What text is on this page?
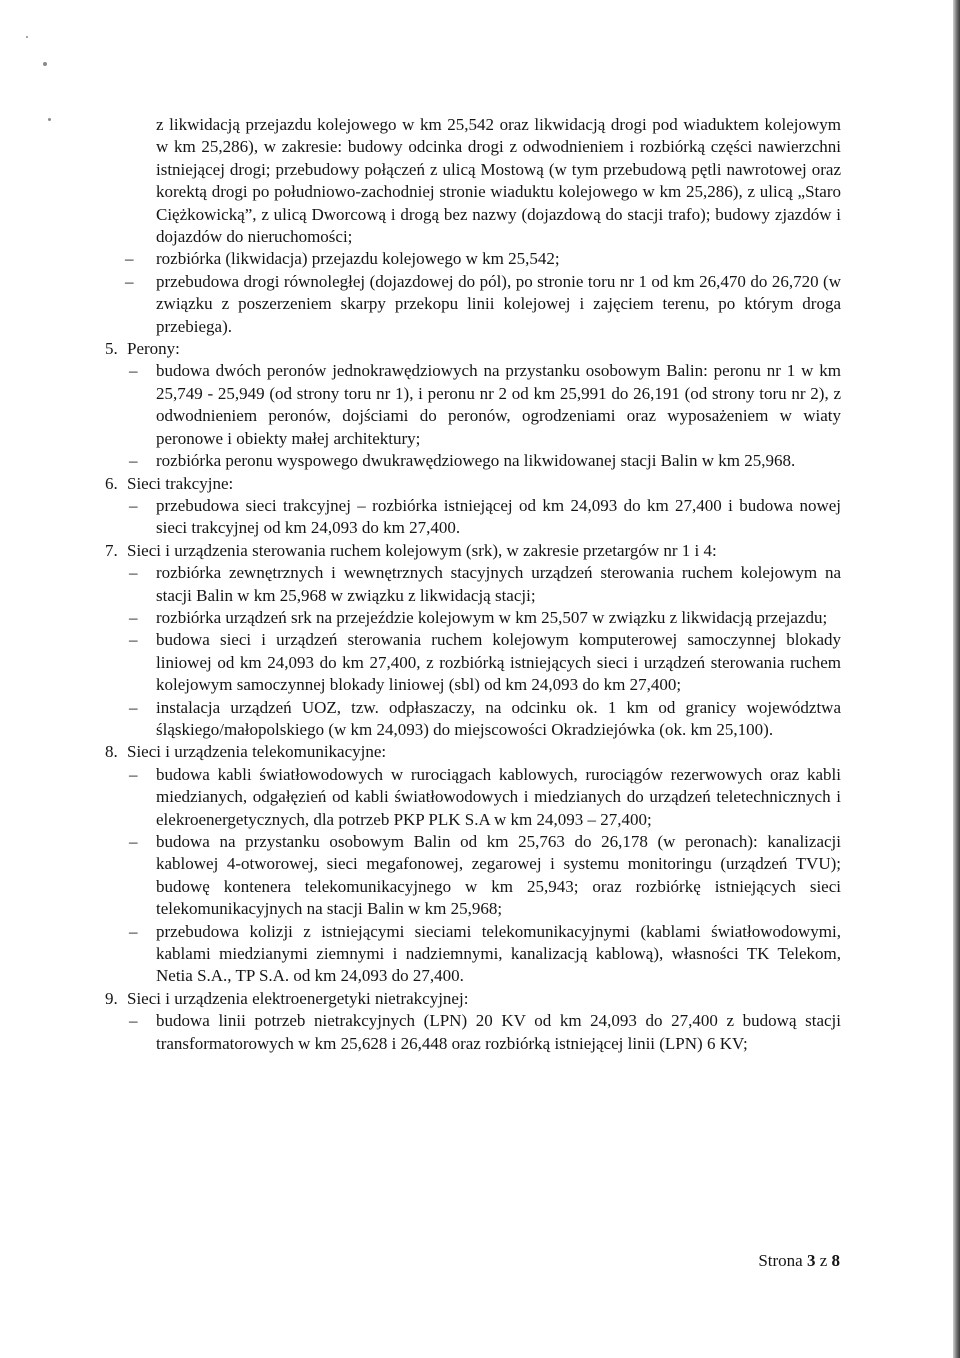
z likwidacją przejazdu kolejowego w km 25,542 oraz likwidacją drogi pod wiaduktem kolejowym w km 25,286), w zakresie: budowy odcinka drogi z odwodnieniem i rozbiórką części nawierzchni istniejącej drogi; przebudowy połączeń z ulicą Mostową (w tym przebudową pętli nawrotowej oraz korektą drogi po południowo-zachodniej stronie wiaduktu kolejowego w km 25,286), z ulicą „Staro Ciężkowicką”, z ulicą Dworcową i drogą bez nazwy (dojazdową do stacji trafo); budowy zjazdów i dojazdów do nieruchomości;

– rozbiórka (likwidacja) przejazdu kolejowego w km 25,542;
– przebudowa drogi równoległej (dojazdowej do pól), po stronie toru nr 1 od km 26,470 do 26,720 (w związku z poszerzeniem skarpy przekopu linii kolejowej i zajęciem terenu, po którym droga przebiega).
5. Perony:
– budowa dwóch peronów jednokrawędziowych na przystanku osobowym Balin: peronu nr 1 w km 25,749 - 25,949 (od strony toru nr 1), i peronu nr 2 od km 25,991 do 26,191 (od strony toru nr 2), z odwodnieniem peronów, dojściami do peronów, ogrodzeniami oraz wyposażeniem w wiaty peronowe i obiekty małej architektury;
– rozbiórka peronu wyspowego dwukrawędziowego na likwidowanej stacji Balin w km 25,968.
6. Sieci trakcyjne:
– przebudowa sieci trakcyjnej – rozbiórka istniejącej od km 24,093 do km 27,400 i budowa nowej sieci trakcyjnej od km 24,093 do km 27,400.
7. Sieci i urządzenia sterowania ruchem kolejowym (srk), w zakresie przetargów nr 1 i 4:
– rozbiórka zewnętrznych i wewnętrznych stacyjnych urządzeń sterowania ruchem kolejowym na stacji Balin w km 25,968 w związku z likwidacją stacji;
– rozbiórka urządzeń srk na przejeździe kolejowym w km 25,507 w związku z likwidacją przejazdu;
– budowa sieci i urządzeń sterowania ruchem kolejowym komputerowej samoczynnej blokady liniowej od km 24,093 do km 27,400, z rozbiórką istniejących sieci i urządzeń sterowania ruchem kolejowym samoczynnej blokady liniowej (sbl) od km 24,093 do km 27,400;
– instalacja urządzeń UOZ, tzw. odpłaszaczy, na odcinku ok. 1 km od granicy województwa śląskiego/małopolskiego (w km 24,093) do miejscowości Okradziejówka (ok. km 25,100).
8. Sieci i urządzenia telekomunikacyjne:
– budowa kabli światłowodowych w rurociągach kablowych, rurociągów rezerwowych oraz kabli miedzianych, odgałęzień od kabli światłowodowych i miedzianych do urządzeń teletechnicznych i elekroenergetycznych, dla potrzeb PKP PLK S.A w km 24,093 – 27,400;
– budowa na przystanku osobowym Balin od km 25,763 do 26,178 (w peronach): kanalizacji kablowej 4-otworowej, sieci megafonowej, zegarowej i systemu monitoringu (urządzeń TVU); budowę kontenera telekomunikacyjnego w km 25,943; oraz rozbiórkę istniejących sieci telekomunikacyjnych na stacji Balin w km 25,968;
– przebudowa kolizji z istniejącymi sieciami telekomunikacyjnymi (kablami światłowodowymi, kablami miedzianymi ziemnymi i nadziemnymi, kanalizacją kablową), własności TK Telekom, Netia S.A., TP S.A. od km 24,093 do 27,400.
9. Sieci i urządzenia elektroenergetyki nietrakcyjnej:
– budowa linii potrzeb nietrakcyjnych (LPN) 20 KV od km 24,093 do 27,400 z budową stacji transformatorowych w km 25,628 i 26,448 oraz rozbiórką istniejącej linii (LPN) 6 KV;
Strona 3 z 8
